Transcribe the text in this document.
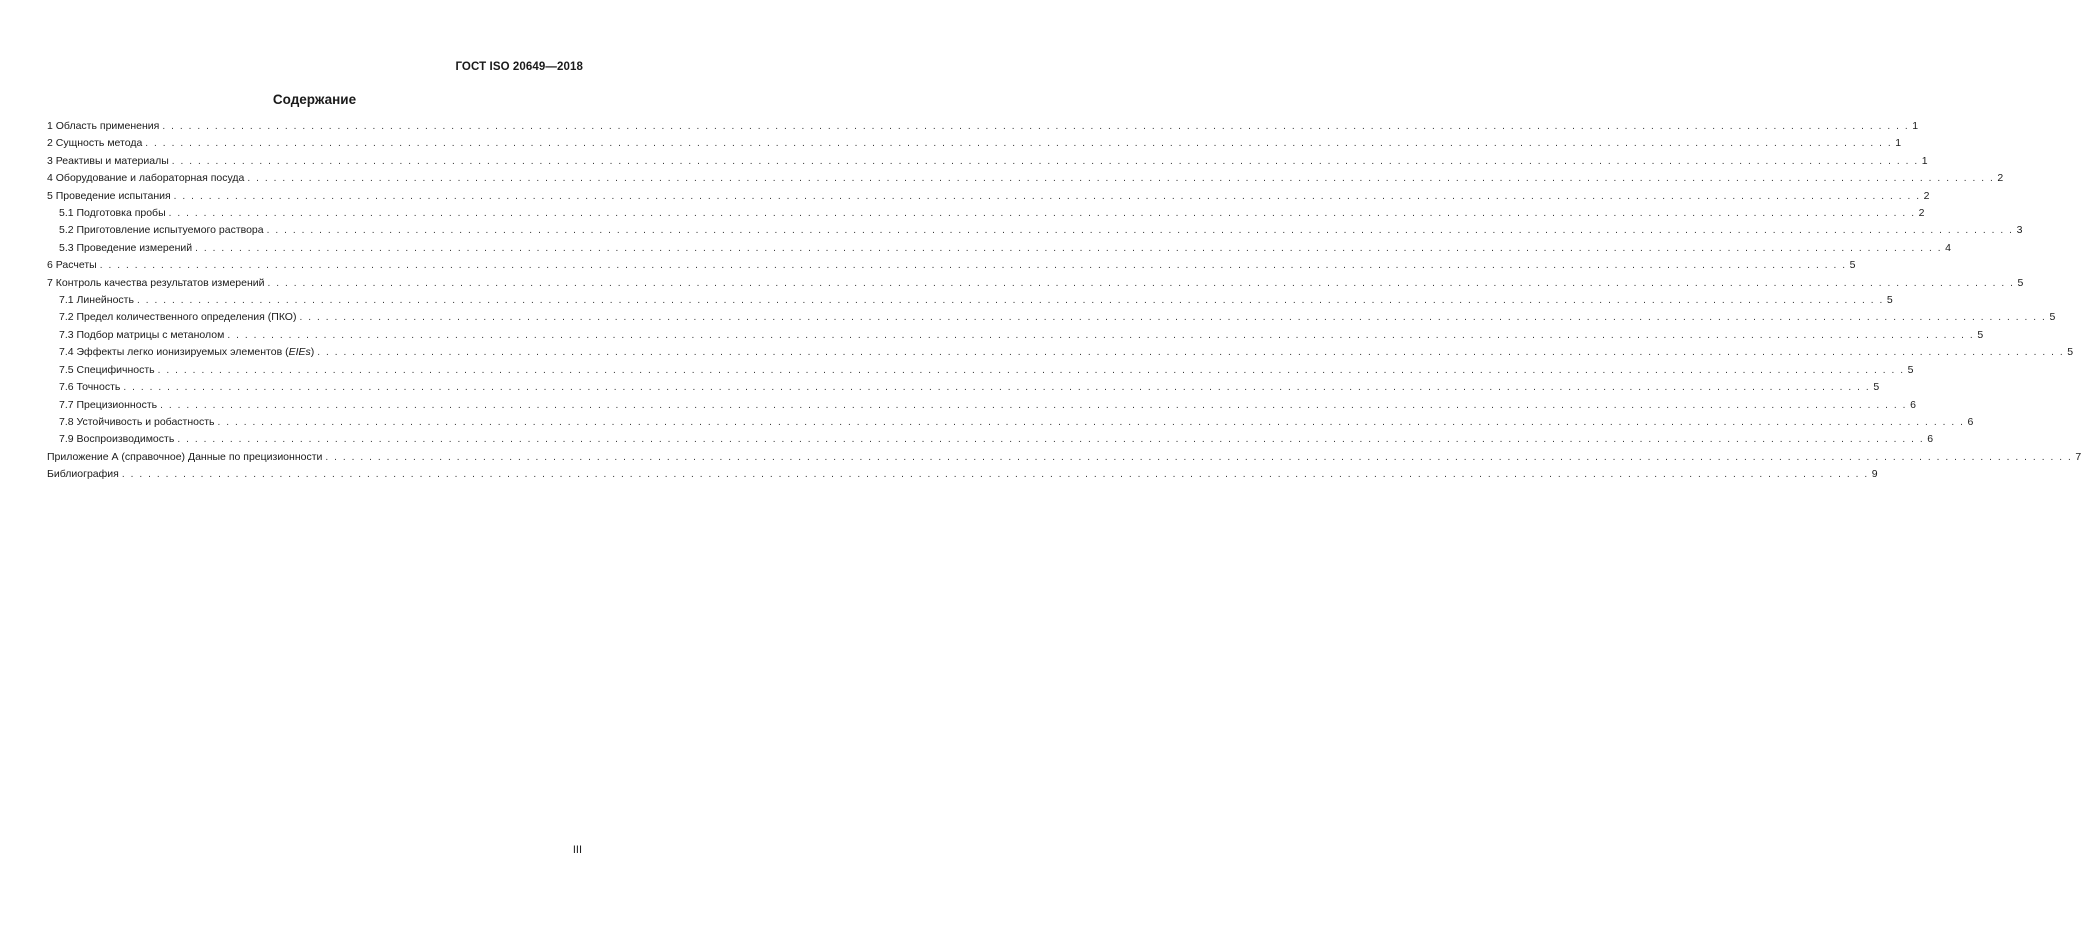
ГОСТ ISO 20649—2018
Содержание
1 Область применения . . . . . . . . . . . . . . . . . . . . . . . . . . . . . . . . . . . . . . . . . . . . . . . . . . . . . . . . . . . . . . . . . . . . . . . . . . . . . . . . . . . . . . . . . . . . . . . . . . . . . . . . . . . . . . . . . . . . . . . . . . . . . . . . . . . . . . . . . . . . . . . . . . . . . . . . . . . . . . . . . . . . . . . . . . . . . . . . . . . . . . . . . . . . . . . . . . . . . . . . 1
2 Сущность метода . . . . . . . . . . . . . . . . . . . . . . . . . . . . . . . . . . . . . . . . . . . . . . . . . . . . . . . . . . . . . . . . . . . . . . . . . . . . . . . . . . . . . . . . . . . . . . . . . . . . . . . . . . . . . . . . . . . . . . . . . . . . . . . . . . . . . . . . . . . . . . . . . . . . . . . . . . . . . . . . . . . . . . . . . . . . . . . . . . . . . . . . . . . . . . . . . . . . . . . . 1
3 Реактивы и материалы . . . . . . . . . . . . . . . . . . . . . . . . . . . . . . . . . . . . . . . . . . . . . . . . . . . . . . . . . . . . . . . . . . . . . . . . . . . . . . . . . . . . . . . . . . . . . . . . . . . . . . . . . . . . . . . . . . . . . . . . . . . . . . . . . . . . . . . . . . . . . . . . . . . . . . . . . . . . . . . . . . . . . . . . . . . . . . . . . . . . . . . . . . . . . . . . . . . . . . . . 1
4 Оборудование и лабораторная посуда . . . . . . . . . . . . . . . . . . . . . . . . . . . . . . . . . . . . . . . . . . . . . . . . . . . . . . . . . . . . . . . . . . . . . . . . . . . . . . . . . . . . . . . . . . . . . . . . . . . . . . . . . . . . . . . . . . . . . . . . . . . . . . . . . . . . . . . . . . . . . . . . . . . . . . . . . . . . . . . . . . . . . . . . . . . . . . . . . . . . . . . . . . . . . . . . . . . . . . . . 2
5 Проведение испытания . . . . . . . . . . . . . . . . . . . . . . . . . . . . . . . . . . . . . . . . . . . . . . . . . . . . . . . . . . . . . . . . . . . . . . . . . . . . . . . . . . . . . . . . . . . . . . . . . . . . . . . . . . . . . . . . . . . . . . . . . . . . . . . . . . . . . . . . . . . . . . . . . . . . . . . . . . . . . . . . . . . . . . . . . . . . . . . . . . . . . . . . . . . . . . . . . . . . . . . . 2
5.1 Подготовка пробы . . . . . . . . . . . . . . . . . . . . . . . . . . . . . . . . . . . . . . . . . . . . . . . . . . . . . . . . . . . . . . . . . . . . . . . . . . . . . . . . . . . . . . . . . . . . . . . . . . . . . . . . . . . . . . . . . . . . . . . . . . . . . . . . . . . . . . . . . . . . . . . . . . . . . . . . . . . . . . . . . . . . . . . . . . . . . . . . . . . . . . . . . . . . . . . . . . . . . . . . 2
5.2 Приготовление испытуемого раствора . . . . . . . . . . . . . . . . . . . . . . . . . . . . . . . . . . . . . . . . . . . . . . . . . . . . . . . . . . . . . . . . . . . . . . . . . . . . . . . . . . . . . . . . . . . . . . . . . . . . . . . . . . . . . . . . . . . . . . . . . . . . . . . . . . . . . . . . . . . . . . . . . . . . . . . . . . . . . . . . . . . . . . . . . . . . . . . . . . . . . . . . . . . . . . . . . . . . . . . . 3
5.3 Проведение измерений . . . . . . . . . . . . . . . . . . . . . . . . . . . . . . . . . . . . . . . . . . . . . . . . . . . . . . . . . . . . . . . . . . . . . . . . . . . . . . . . . . . . . . . . . . . . . . . . . . . . . . . . . . . . . . . . . . . . . . . . . . . . . . . . . . . . . . . . . . . . . . . . . . . . . . . . . . . . . . . . . . . . . . . . . . . . . . . . . . . . . . . . . . . . . . . . . . . . . . . . 4
6 Расчеты . . . . . . . . . . . . . . . . . . . . . . . . . . . . . . . . . . . . . . . . . . . . . . . . . . . . . . . . . . . . . . . . . . . . . . . . . . . . . . . . . . . . . . . . . . . . . . . . . . . . . . . . . . . . . . . . . . . . . . . . . . . . . . . . . . . . . . . . . . . . . . . . . . . . . . . . . . . . . . . . . . . . . . . . . . . . . . . . . . . . . . . . . . . . . . . . . . . . . . . . 5
7 Контроль качества результатов измерений . . . . . . . . . . . . . . . . . . . . . . . . . . . . . . . . . . . . . . . . . . . . . . . . . . . . . . . . . . . . . . . . . . . . . . . . . . . . . . . . . . . . . . . . . . . . . . . . . . . . . . . . . . . . . . . . . . . . . . . . . . . . . . . . . . . . . . . . . . . . . . . . . . . . . . . . . . . . . . . . . . . . . . . . . . . . . . . . . . . . . . . . . . . . . . . . . . . . . . . . 5
7.1 Линейность . . . . . . . . . . . . . . . . . . . . . . . . . . . . . . . . . . . . . . . . . . . . . . . . . . . . . . . . . . . . . . . . . . . . . . . . . . . . . . . . . . . . . . . . . . . . . . . . . . . . . . . . . . . . . . . . . . . . . . . . . . . . . . . . . . . . . . . . . . . . . . . . . . . . . . . . . . . . . . . . . . . . . . . . . . . . . . . . . . . . . . . . . . . . . . . . . . . . . . . . 5
7.2 Предел количественного определения (ПКО) . . . . . . . . . . . . . . . . . . . . . . . . . . . . . . . . . . . . . . . . . . . . . . . . . . . . . . . . . . . . . . . . . . . . . . . . . . . . . . . . . . . . . . . . . . . . . . . . . . . . . . . . . . . . . . . . . . . . . . . . . . . . . . . . . . . . . . . . . . . . . . . . . . . . . . . . . . . . . . . . . . . . . . . . . . . . . . . . . . . . . . . . . . . . . . . . . . . . . . . . 5
7.3 Подбор матрицы с метанолом . . . . . . . . . . . . . . . . . . . . . . . . . . . . . . . . . . . . . . . . . . . . . . . . . . . . . . . . . . . . . . . . . . . . . . . . . . . . . . . . . . . . . . . . . . . . . . . . . . . . . . . . . . . . . . . . . . . . . . . . . . . . . . . . . . . . . . . . . . . . . . . . . . . . . . . . . . . . . . . . . . . . . . . . . . . . . . . . . . . . . . . . . . . . . . . . . . . . . . . . 5
7.4 Эффекты легко ионизируемых элементов (EIEs) . . . . . . . . . . . . . . . . . . . . . . . . . . . . . . . . . . . . . . . . . . . . . . . . . . . . . . . . . . . . . . . . . . . . . . . . . . . . . . . . . . . . . . . . . . . . . . . . . . . . . . . . . . . . . . . . . . . . . . . . . . . . . . . . . . . . . . . . . . . . . . . . . . . . . . . . . . . . . . . . . . . . . . . . . . . . . . . . . . . . . . . . . . . . . . . . . . . . . . . . 5
7.5 Специфичность . . . . . . . . . . . . . . . . . . . . . . . . . . . . . . . . . . . . . . . . . . . . . . . . . . . . . . . . . . . . . . . . . . . . . . . . . . . . . . . . . . . . . . . . . . . . . . . . . . . . . . . . . . . . . . . . . . . . . . . . . . . . . . . . . . . . . . . . . . . . . . . . . . . . . . . . . . . . . . . . . . . . . . . . . . . . . . . . . . . . . . . . . . . . . . . . . . . . . . . . 5
7.6 Точность . . . . . . . . . . . . . . . . . . . . . . . . . . . . . . . . . . . . . . . . . . . . . . . . . . . . . . . . . . . . . . . . . . . . . . . . . . . . . . . . . . . . . . . . . . . . . . . . . . . . . . . . . . . . . . . . . . . . . . . . . . . . . . . . . . . . . . . . . . . . . . . . . . . . . . . . . . . . . . . . . . . . . . . . . . . . . . . . . . . . . . . . . . . . . . . . . . . . . . . . 5
7.7 Прецизионность . . . . . . . . . . . . . . . . . . . . . . . . . . . . . . . . . . . . . . . . . . . . . . . . . . . . . . . . . . . . . . . . . . . . . . . . . . . . . . . . . . . . . . . . . . . . . . . . . . . . . . . . . . . . . . . . . . . . . . . . . . . . . . . . . . . . . . . . . . . . . . . . . . . . . . . . . . . . . . . . . . . . . . . . . . . . . . . . . . . . . . . . . . . . . . . . . . . . . . . . 6
7.8 Устойчивость и робастность . . . . . . . . . . . . . . . . . . . . . . . . . . . . . . . . . . . . . . . . . . . . . . . . . . . . . . . . . . . . . . . . . . . . . . . . . . . . . . . . . . . . . . . . . . . . . . . . . . . . . . . . . . . . . . . . . . . . . . . . . . . . . . . . . . . . . . . . . . . . . . . . . . . . . . . . . . . . . . . . . . . . . . . . . . . . . . . . . . . . . . . . . . . . . . . . . . . . . . . . 6
7.9 Воспроизводимость . . . . . . . . . . . . . . . . . . . . . . . . . . . . . . . . . . . . . . . . . . . . . . . . . . . . . . . . . . . . . . . . . . . . . . . . . . . . . . . . . . . . . . . . . . . . . . . . . . . . . . . . . . . . . . . . . . . . . . . . . . . . . . . . . . . . . . . . . . . . . . . . . . . . . . . . . . . . . . . . . . . . . . . . . . . . . . . . . . . . . . . . . . . . . . . . . . . . . . . . 6
Приложение А (справочное) Данные по прецизионности . . . . . . . . . . . . . . . . . . . . . . . . . . . . . . . . . . . . . . . . . . . . . . . . . . . . . . . . . . . . . . . . . . . . . . . . . . . . . . . . . . . . . . . . . . . . . . . . . . . . . . . . . . . . . . . . . . . . . . . . . . . . . . . . . . . . . . . . . . . . . . . . . . . . . . . . . . . . . . . . . . . . . . . . . . . . . . . . . . . . . . . . . . . . . . . . . . . . . . . . 7
Библиография . . . . . . . . . . . . . . . . . . . . . . . . . . . . . . . . . . . . . . . . . . . . . . . . . . . . . . . . . . . . . . . . . . . . . . . . . . . . . . . . . . . . . . . . . . . . . . . . . . . . . . . . . . . . . . . . . . . . . . . . . . . . . . . . . . . . . . . . . . . . . . . . . . . . . . . . . . . . . . . . . . . . . . . . . . . . . . . . . . . . . . . . . . . . . . . . . . . . . . . . 9
III
